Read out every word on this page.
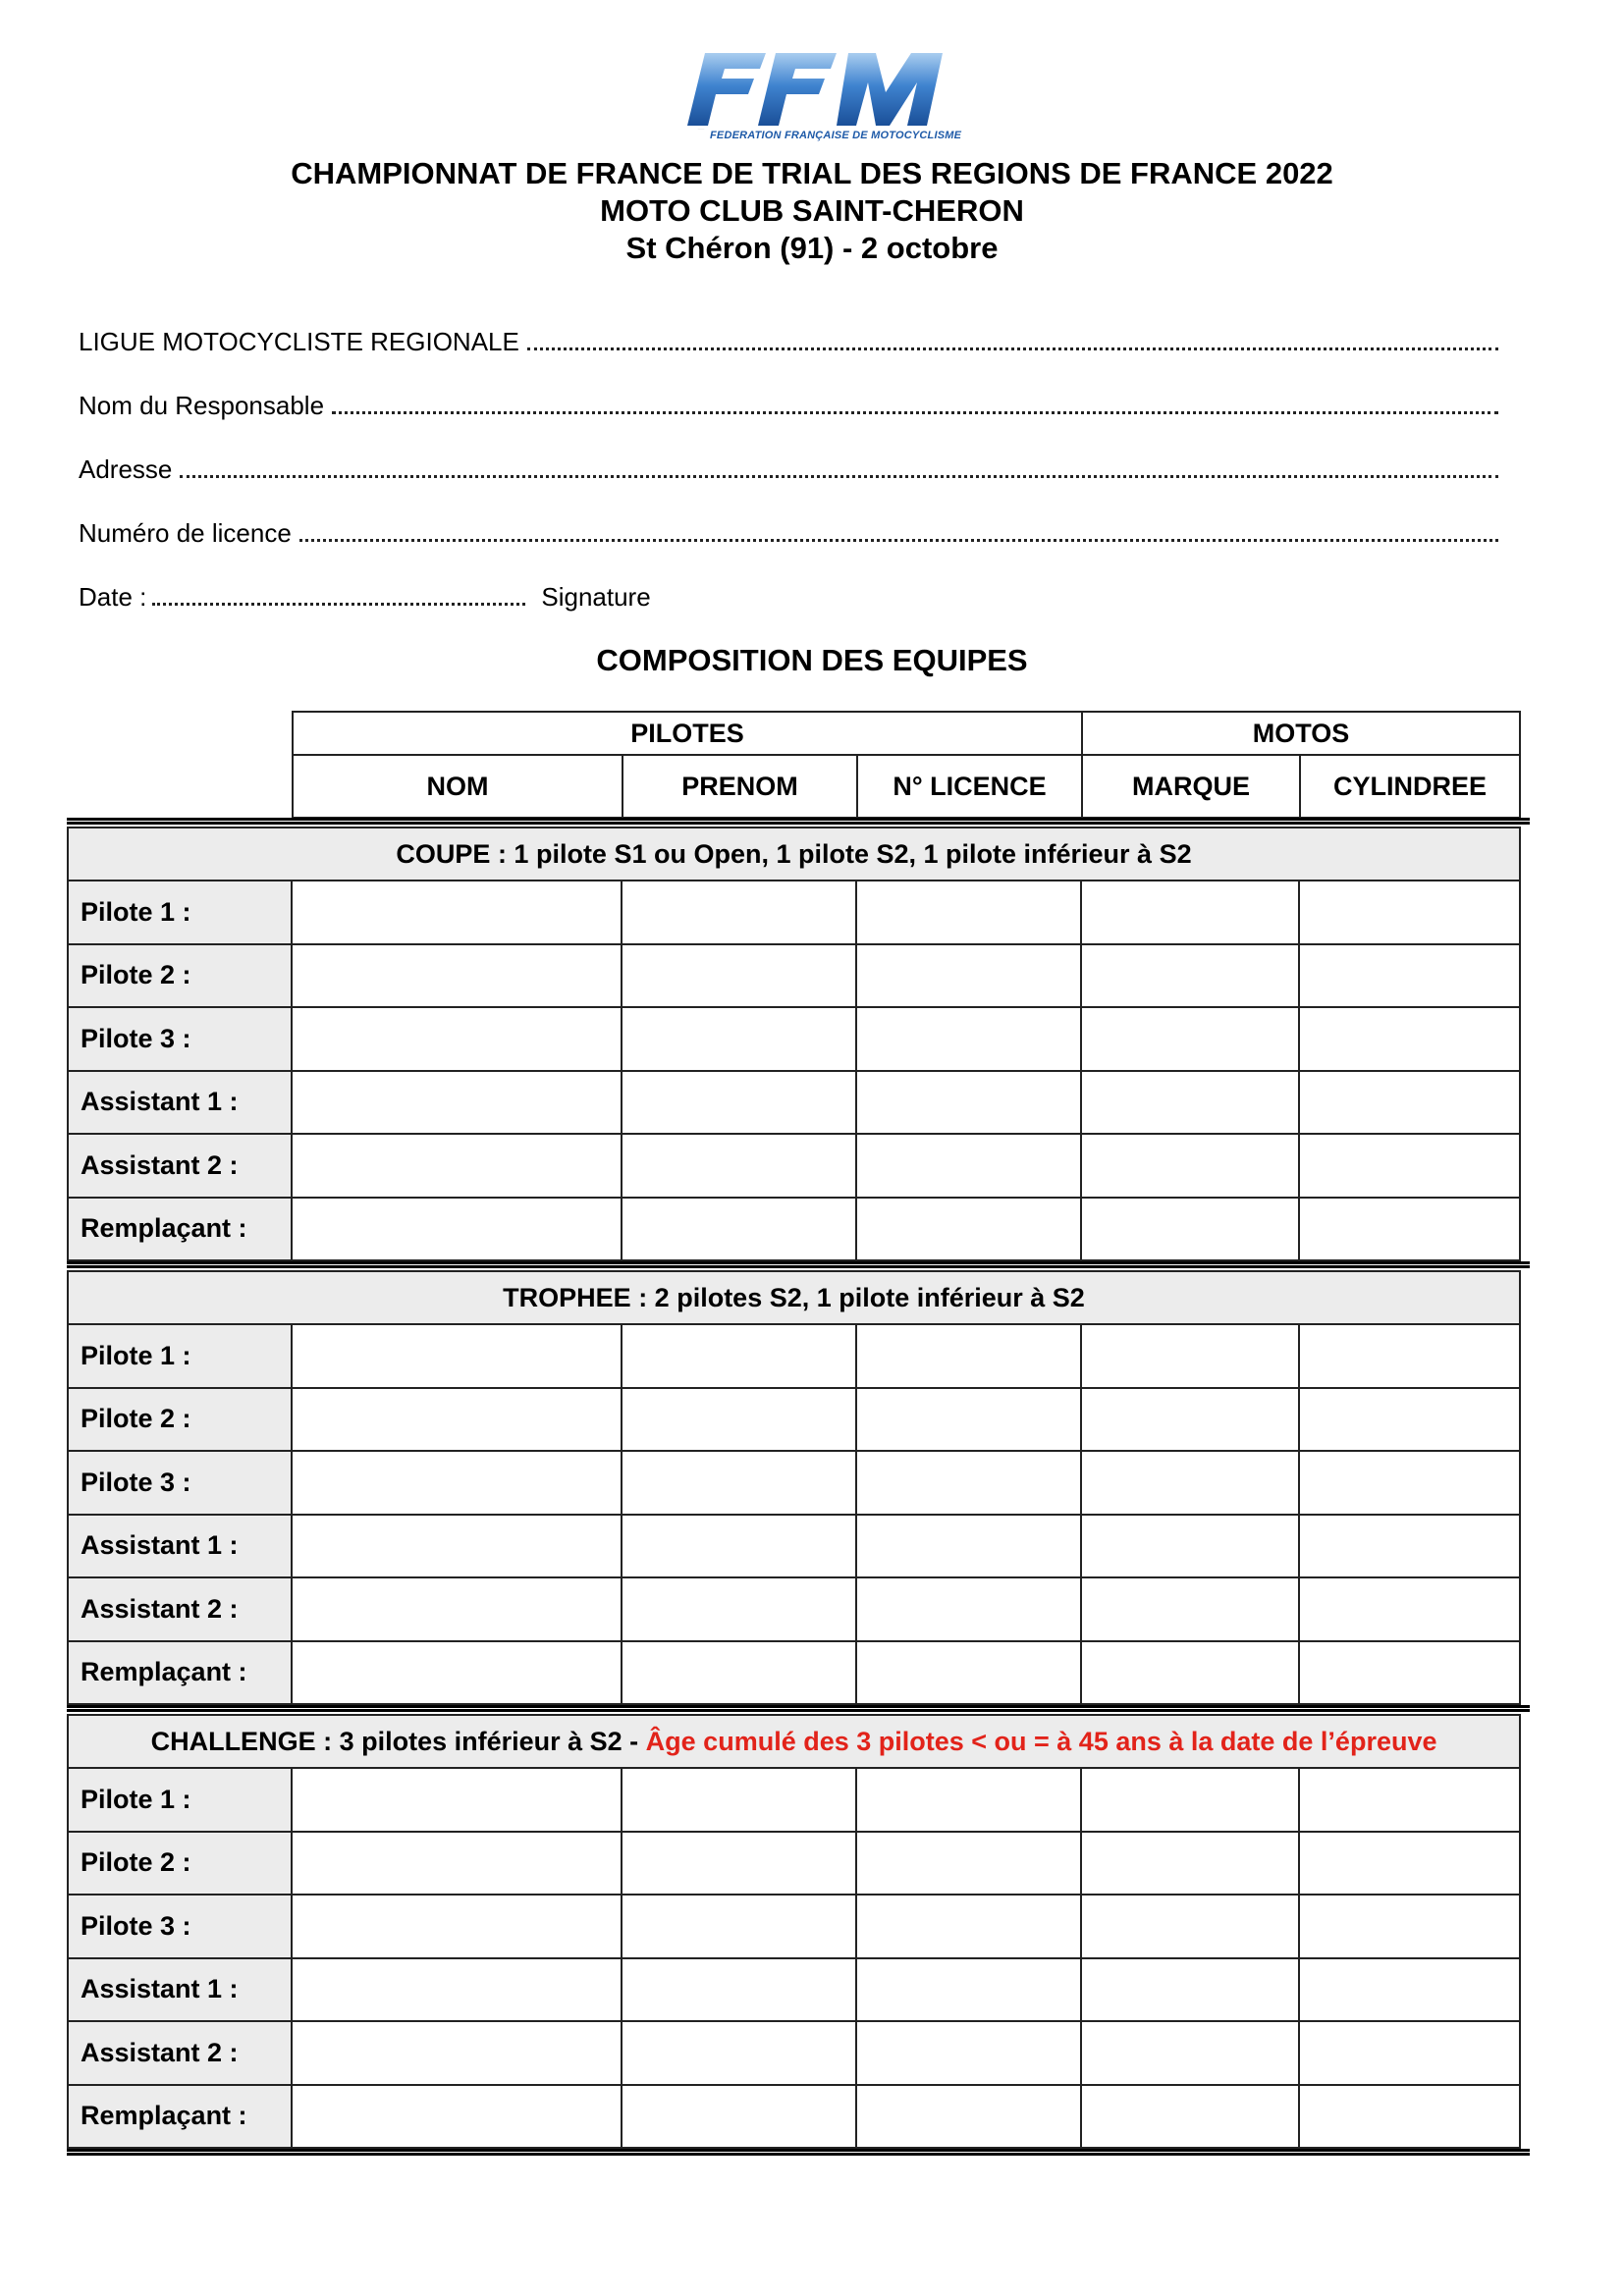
FEDERATION FRANÇAISE DE MOTOCYCLISME
CHAMPIONNAT DE FRANCE DE TRIAL DES REGIONS DE FRANCE 2022
MOTO CLUB SAINT-CHERON
St Chéron (91) - 2 octobre
LIGUE MOTOCYCLISTE REGIONALE
Nom du Responsable
Adresse
Numéro de licence
Date :	Signature
COMPOSITION DES EQUIPES
PILOTES			MOTOS	
NOM	PRENOM	N° LICENCE	MARQUE	CYLINDREE
COUPE : 1 pilote S1 ou Open, 1 pilote S2, 1 pilote inférieur à S2					
Pilote 1 :					
Pilote 2 :					
Pilote 3 :					
Assistant 1 :					
Assistant 2 :					
Remplaçant :					
TROPHEE : 2 pilotes S2, 1 pilote inférieur à S2					
Pilote 1 :					
Pilote 2 :					
Pilote 3 :					
Assistant 1 :					
Assistant 2 :					
Remplaçant :					
CHALLENGE : 3 pilotes inférieur à S2 - Âge cumulé des 3 pilotes < ou = à 45 ans à la date de l’épreuve					
Pilote 1 :					
Pilote 2 :					
Pilote 3 :					
Assistant 1 :					
Assistant 2 :					
Remplaçant :					
